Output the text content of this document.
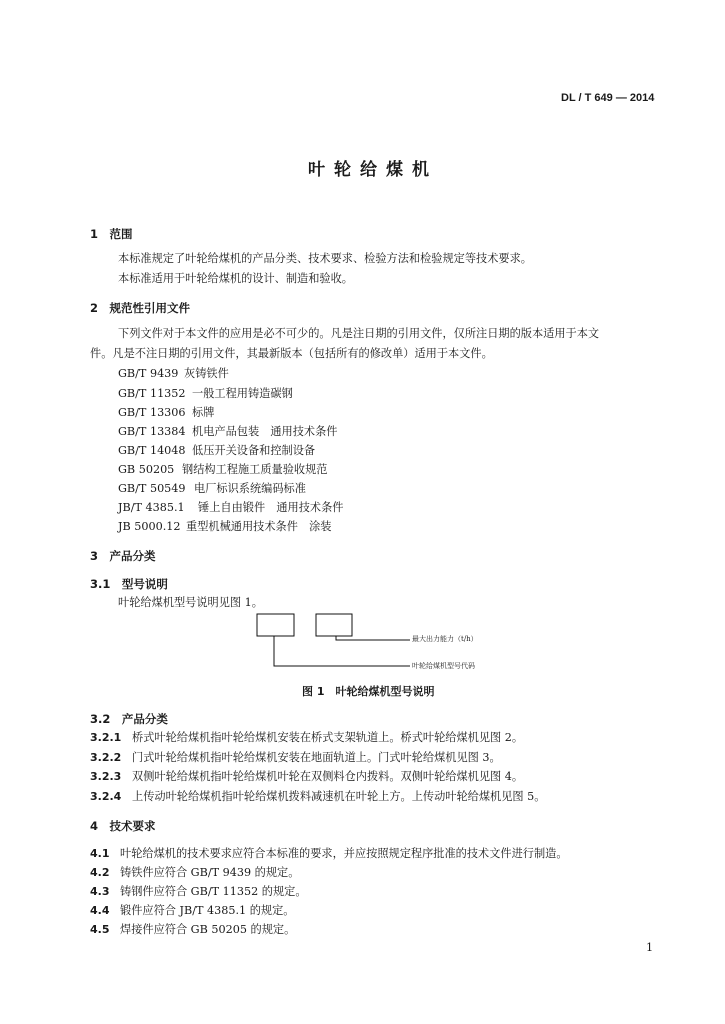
DL / T 649 — 2014
叶轮给煤机
1　范围
本标准规定了叶轮给煤机的产品分类、技术要求、检验方法和检验规定等技术要求。
本标准适用于叶轮给煤机的设计、制造和验收。
2　规范性引用文件
下列文件对于本文件的应用是必不可少的。凡是注日期的引用文件，仅所注日期的版本适用于本文
件。凡是不注日期的引用文件，其最新版本（包括所有的修改单）适用于本文件。
GB/T 9439 灰铸铁件
GB/T 11352 一般工程用铸造碳钢
GB/T 13306 标牌
GB/T 13384 机电产品包装　通用技术条件
GB/T 14048 低压开关设备和控制设备
GB 50205 钢结构工程施工质量验收规范
GB/T 50549 电厂标识系统编码标准
JB/T 4385.1 锤上自由锻件　通用技术条件
JB 5000.12 重型机械通用技术条件　涂装
3　产品分类
3.1　型号说明
叶轮给煤机型号说明见图 1。
最大出力能力（t/h）
叶轮给煤机型号代码
图 1　叶轮给煤机型号说明
3.2　产品分类
3.2.1 桥式叶轮给煤机指叶轮给煤机安装在桥式支架轨道上。桥式叶轮给煤机见图 2。
3.2.2 门式叶轮给煤机指叶轮给煤机安装在地面轨道上。门式叶轮给煤机见图 3。
3.2.3 双侧叶轮给煤机指叶轮给煤机叶轮在双侧料仓内拨料。双侧叶轮给煤机见图 4。
3.2.4 上传动叶轮给煤机指叶轮给煤机拨料减速机在叶轮上方。上传动叶轮给煤机见图 5。
4　技术要求
4.1 叶轮给煤机的技术要求应符合本标准的要求，并应按照规定程序批准的技术文件进行制造。
4.2 铸铁件应符合 GB/T 9439 的规定。
4.3 铸钢件应符合 GB/T 11352 的规定。
4.4 锻件应符合 JB/T 4385.1 的规定。
4.5 焊接件应符合 GB 50205 的规定。
1
